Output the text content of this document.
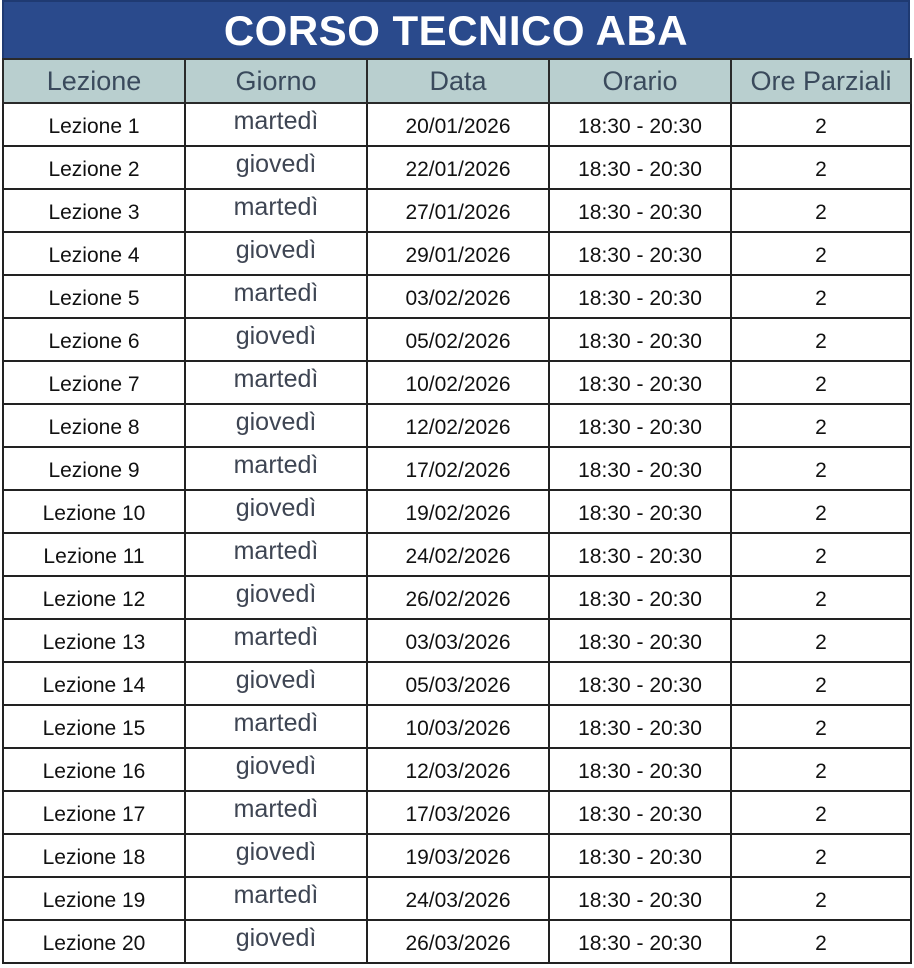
CORSO TECNICO ABA
Lezione	Giorno	Data	Orario	Ore Parziali
Lezione 1	martedì	20/01/2026	18:30 - 20:30	2
Lezione 2	giovedì	22/01/2026	18:30 - 20:30	2
Lezione 3	martedì	27/01/2026	18:30 - 20:30	2
Lezione 4	giovedì	29/01/2026	18:30 - 20:30	2
Lezione 5	martedì	03/02/2026	18:30 - 20:30	2
Lezione 6	giovedì	05/02/2026	18:30 - 20:30	2
Lezione 7	martedì	10/02/2026	18:30 - 20:30	2
Lezione 8	giovedì	12/02/2026	18:30 - 20:30	2
Lezione 9	martedì	17/02/2026	18:30 - 20:30	2
Lezione 10	giovedì	19/02/2026	18:30 - 20:30	2
Lezione 11	martedì	24/02/2026	18:30 - 20:30	2
Lezione 12	giovedì	26/02/2026	18:30 - 20:30	2
Lezione 13	martedì	03/03/2026	18:30 - 20:30	2
Lezione 14	giovedì	05/03/2026	18:30 - 20:30	2
Lezione 15	martedì	10/03/2026	18:30 - 20:30	2
Lezione 16	giovedì	12/03/2026	18:30 - 20:30	2
Lezione 17	martedì	17/03/2026	18:30 - 20:30	2
Lezione 18	giovedì	19/03/2026	18:30 - 20:30	2
Lezione 19	martedì	24/03/2026	18:30 - 20:30	2
Lezione 20	giovedì	26/03/2026	18:30 - 20:30	2
